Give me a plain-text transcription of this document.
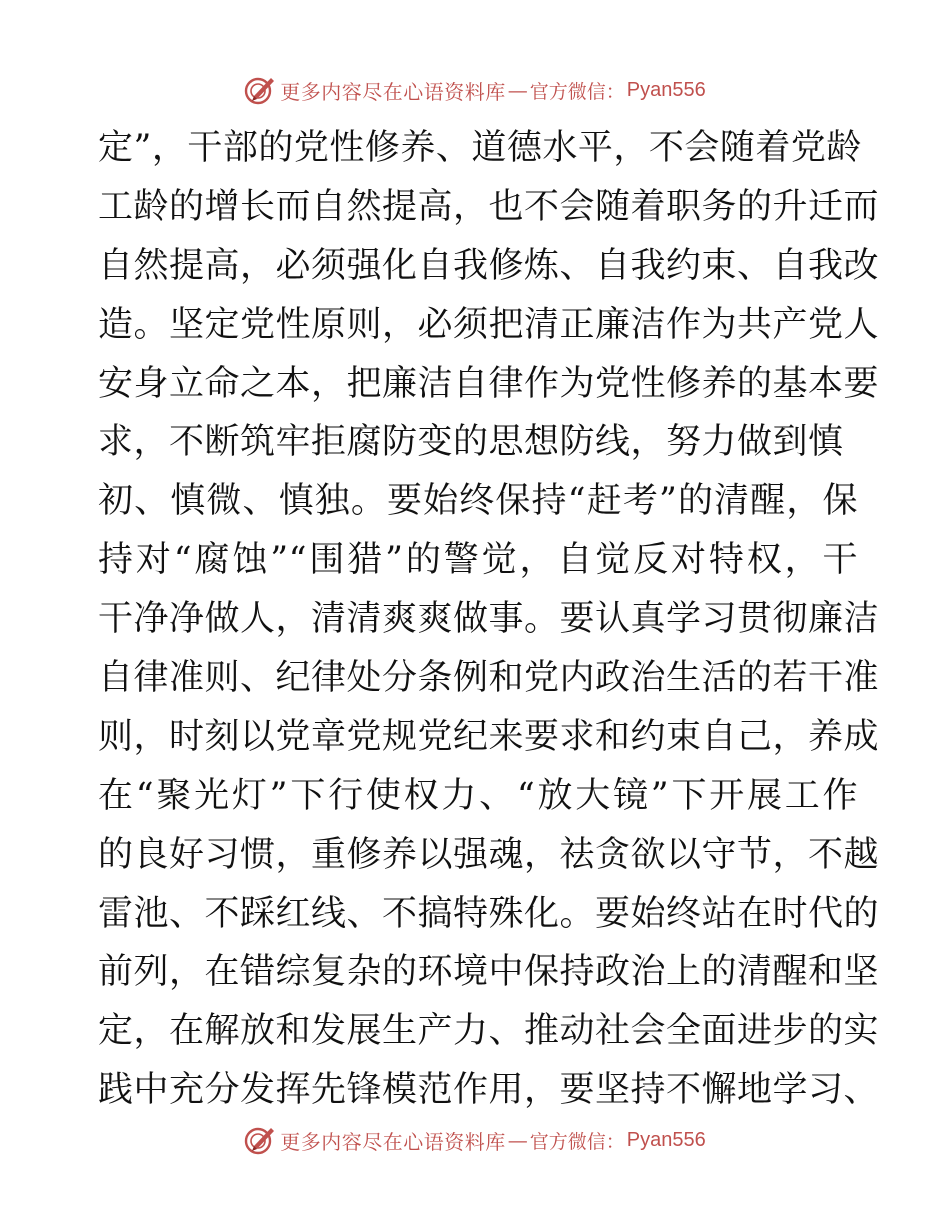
更多内容尽在心语资料库 — 官方微信： Pyan556
定”，干部的党性修养、道德水平，不会随着党龄
工龄的增长而自然提高，也不会随着职务的升迁而
自然提高，必须强化自我修炼、自我约束、自我改
造。坚定党性原则，必须把清正廉洁作为共产党人
安身立命之本，把廉洁自律作为党性修养的基本要
求，不断筑牢拒腐防变的思想防线，努力做到慎
初、慎微、慎独。要始终保持“赶考”的清醒，保
持对“腐蚀”“围猎”的警觉，自觉反对特权，干
干净净做人，清清爽爽做事。要认真学习贯彻廉洁
自律准则、纪律处分条例和党内政治生活的若干准
则，时刻以党章党规党纪来要求和约束自己，养成
在“聚光灯”下行使权力、“放大镜”下开展工作
的良好习惯，重修养以强魂，祛贪欲以守节，不越
雷池、不踩红线、不搞特殊化。要始终站在时代的
前列，在错综复杂的环境中保持政治上的清醒和坚
定，在解放和发展生产力、推动社会全面进步的实
践中充分发挥先锋模范作用，要坚持不懈地学习、
更多内容尽在心语资料库 — 官方微信： Pyan556
